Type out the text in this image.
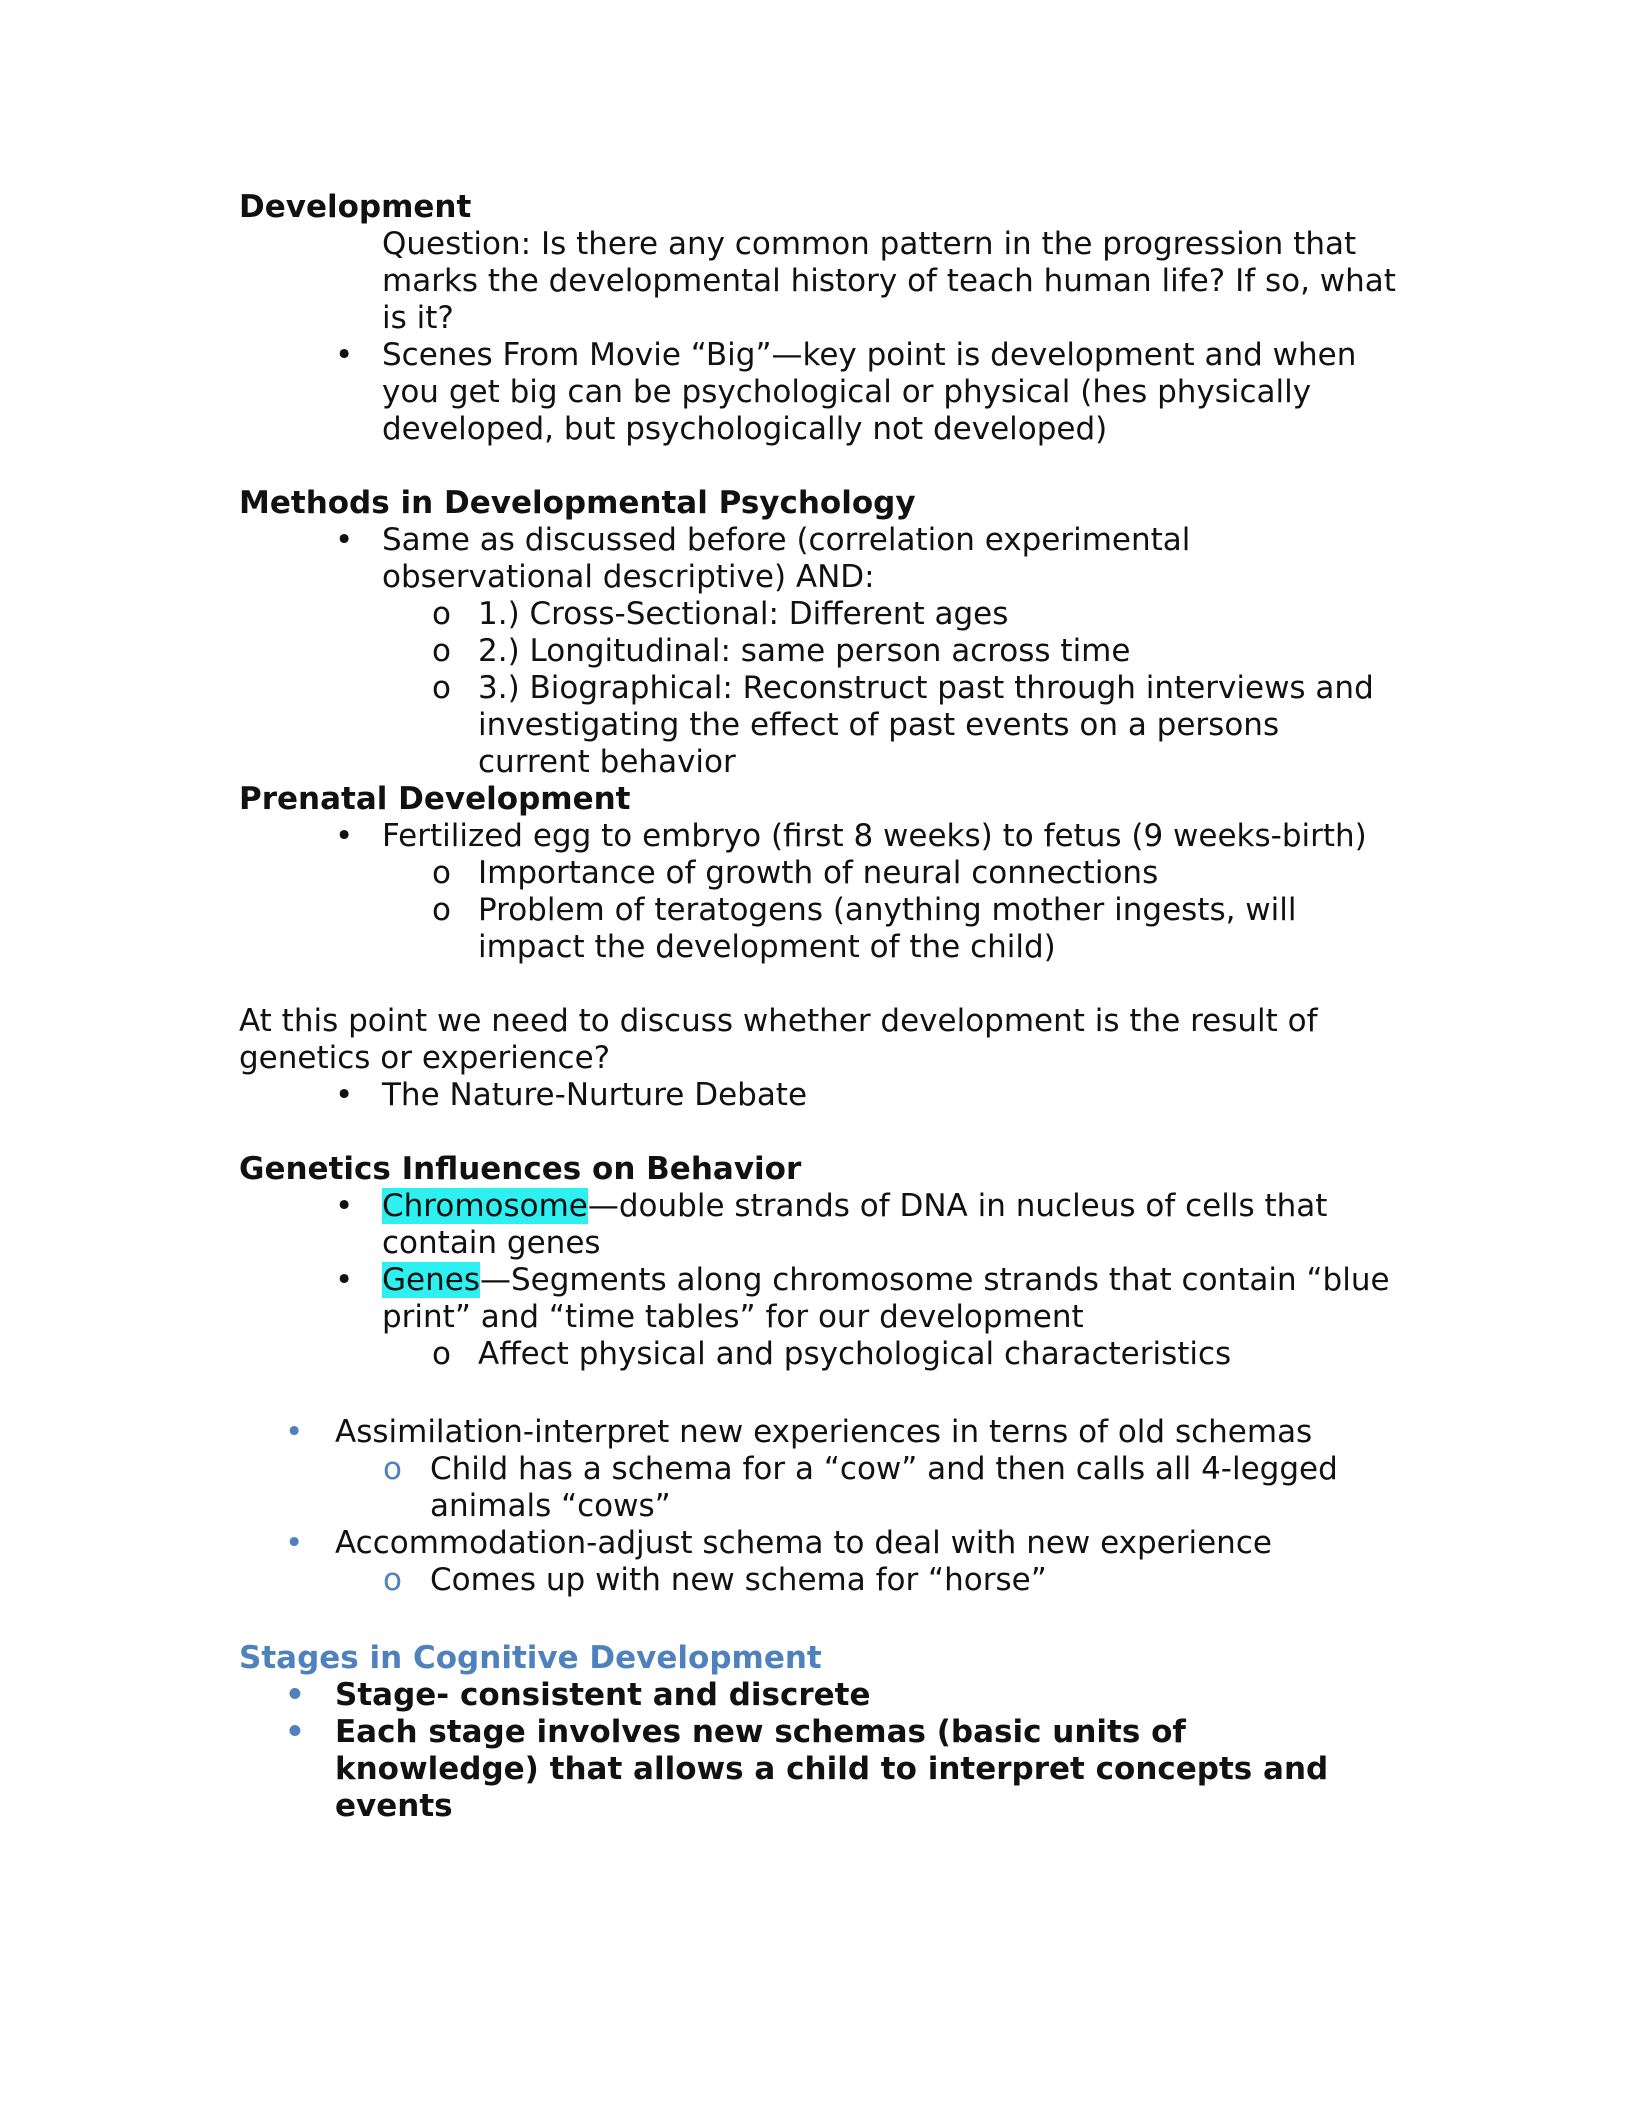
Development
Question: Is there any common pattern in the progression that marks the developmental history of teach human life? If so, what is it?
• Scenes From Movie “Big”—key point is development and when you get big can be psychological or physical (hes physically developed, but psychologically not developed)
Methods in Developmental Psychology
• Same as discussed before (correlation experimental observational descriptive) AND:
o 1.) Cross-Sectional: Different ages
o 2.) Longitudinal: same person across time
o 3.) Biographical: Reconstruct past through interviews and investigating the effect of past events on a persons current behavior
Prenatal Development
• Fertilized egg to embryo (first 8 weeks) to fetus (9 weeks-birth)
o Importance of growth of neural connections
o Problem of teratogens (anything mother ingests, will impact the development of the child)
At this point we need to discuss whether development is the result of genetics or experience?
• The Nature-Nurture Debate
Genetics Influences on Behavior
• Chromosome—double strands of DNA in nucleus of cells that contain genes
• Genes—Segments along chromosome strands that contain “blue print” and “time tables” for our development
o Affect physical and psychological characteristics
• Assimilation-interpret new experiences in terns of old schemas
o Child has a schema for a “cow” and then calls all 4-legged animals “cows”
• Accommodation-adjust schema to deal with new experience
o Comes up with new schema for “horse”
Stages in Cognitive Development
• Stage- consistent and discrete
• Each stage involves new schemas (basic units of knowledge) that allows a child to interpret concepts and events
